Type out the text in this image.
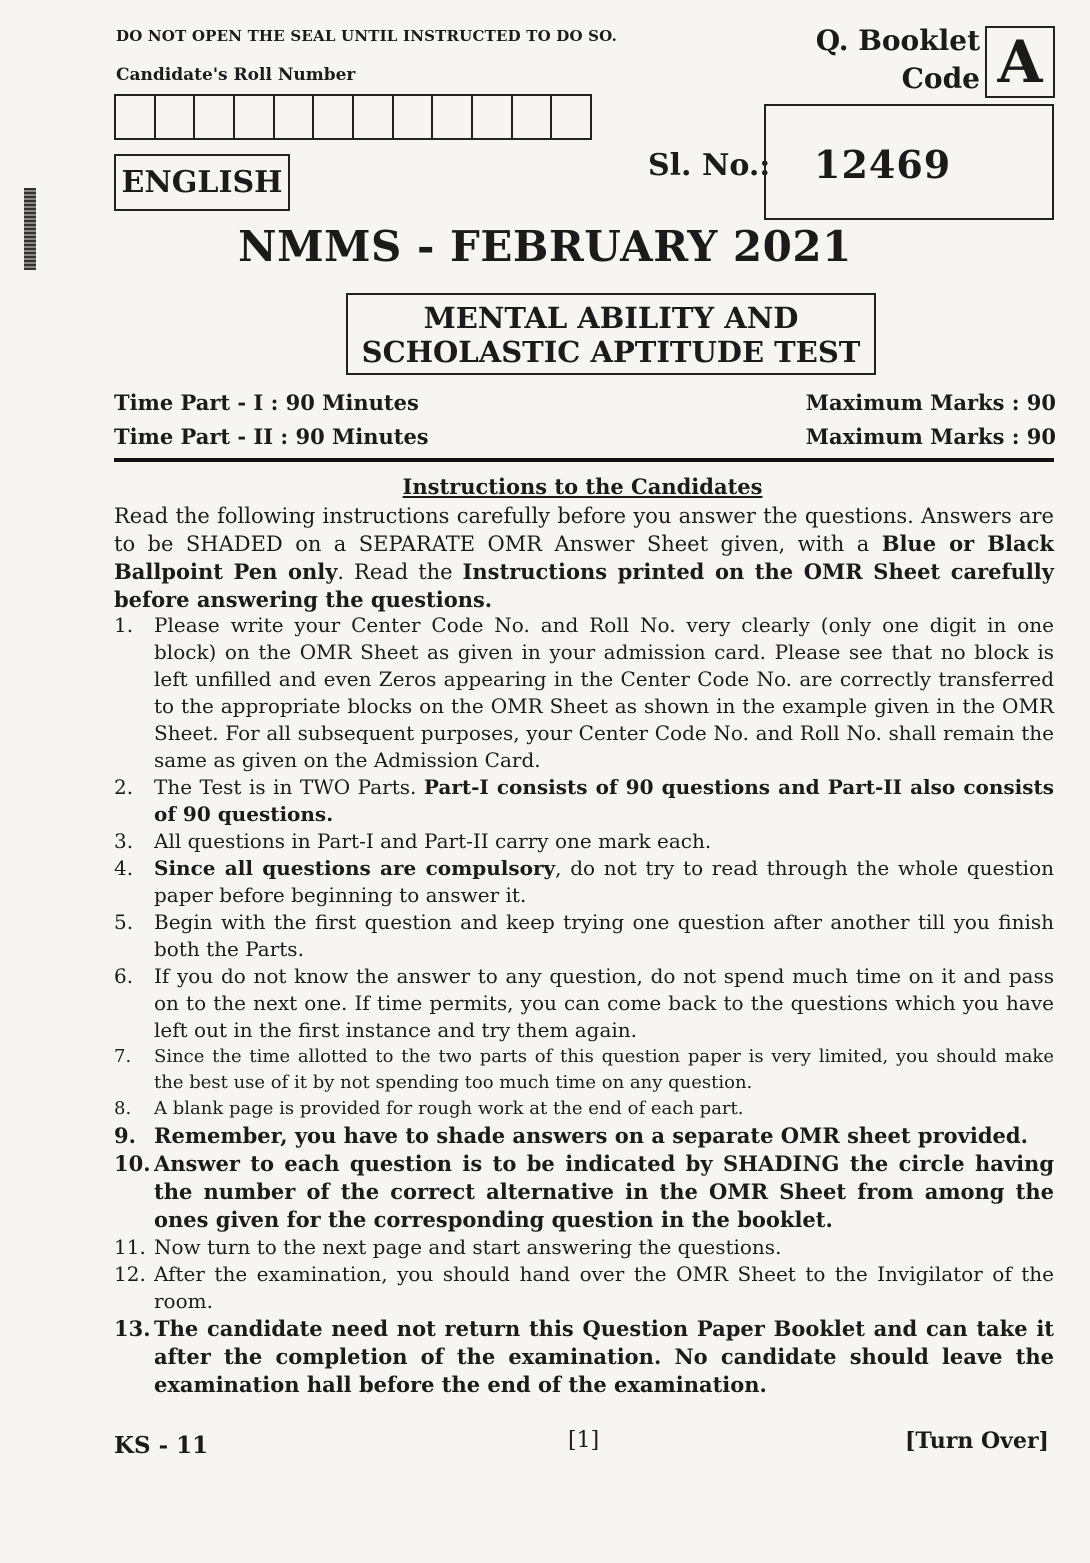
DO NOT OPEN THE SEAL UNTIL INSTRUCTED TO DO SO.
Candidate's Roll Number
ENGLISH
Q. Booklet
Code A
Sl. No.: 12469
NMMS - FEBRUARY 2021
MENTAL ABILITY AND
SCHOLASTIC APTITUDE TEST
Time Part - I : 90 Minutes	Maximum Marks : 90
Time Part - II : 90 Minutes	Maximum Marks : 90
Instructions to the Candidates
Read the following instructions carefully before you answer the questions. Answers are to be SHADED on a SEPARATE OMR Answer Sheet given, with a Blue or Black Ballpoint Pen only. Read the Instructions printed on the OMR Sheet carefully before answering the questions.
1.	Please write your Center Code No. and Roll No. very clearly (only one digit in one block) on the OMR Sheet as given in your admission card. Please see that no block is left unfilled and even Zeros appearing in the Center Code No. are correctly transferred to the appropriate blocks on the OMR Sheet as shown in the example given in the OMR Sheet. For all subsequent purposes, your Center Code No. and Roll No. shall remain the same as given on the Admission Card.
2.	The Test is in TWO Parts. Part-I consists of 90 questions and Part-II also consists of 90 questions.
3.	All questions in Part-I and Part-II carry one mark each.
4.	Since all questions are compulsory, do not try to read through the whole question paper before beginning to answer it.
5.	Begin with the first question and keep trying one question after another till you finish both the Parts.
6.	If you do not know the answer to any question, do not spend much time on it and pass on to the next one. If time permits, you can come back to the questions which you have left out in the first instance and try them again.
7.	Since the time allotted to the two parts of this question paper is very limited, you should make the best use of it by not spending too much time on any question.
8.	A blank page is provided for rough work at the end of each part.
9. Remember, you have to shade answers on a separate OMR sheet provided.
10. Answer to each question is to be indicated by SHADING the circle having the number of the correct alternative in the OMR Sheet from among the ones given for the corresponding question in the booklet.
11. Now turn to the next page and start answering the questions.
12. After the examination, you should hand over the OMR Sheet to the Invigilator of the room.
13. The candidate need not return this Question Paper Booklet and can take it after the completion of the examination. No candidate should leave the examination hall before the end of the examination.
KS - 11	[1]	[Turn Over]
